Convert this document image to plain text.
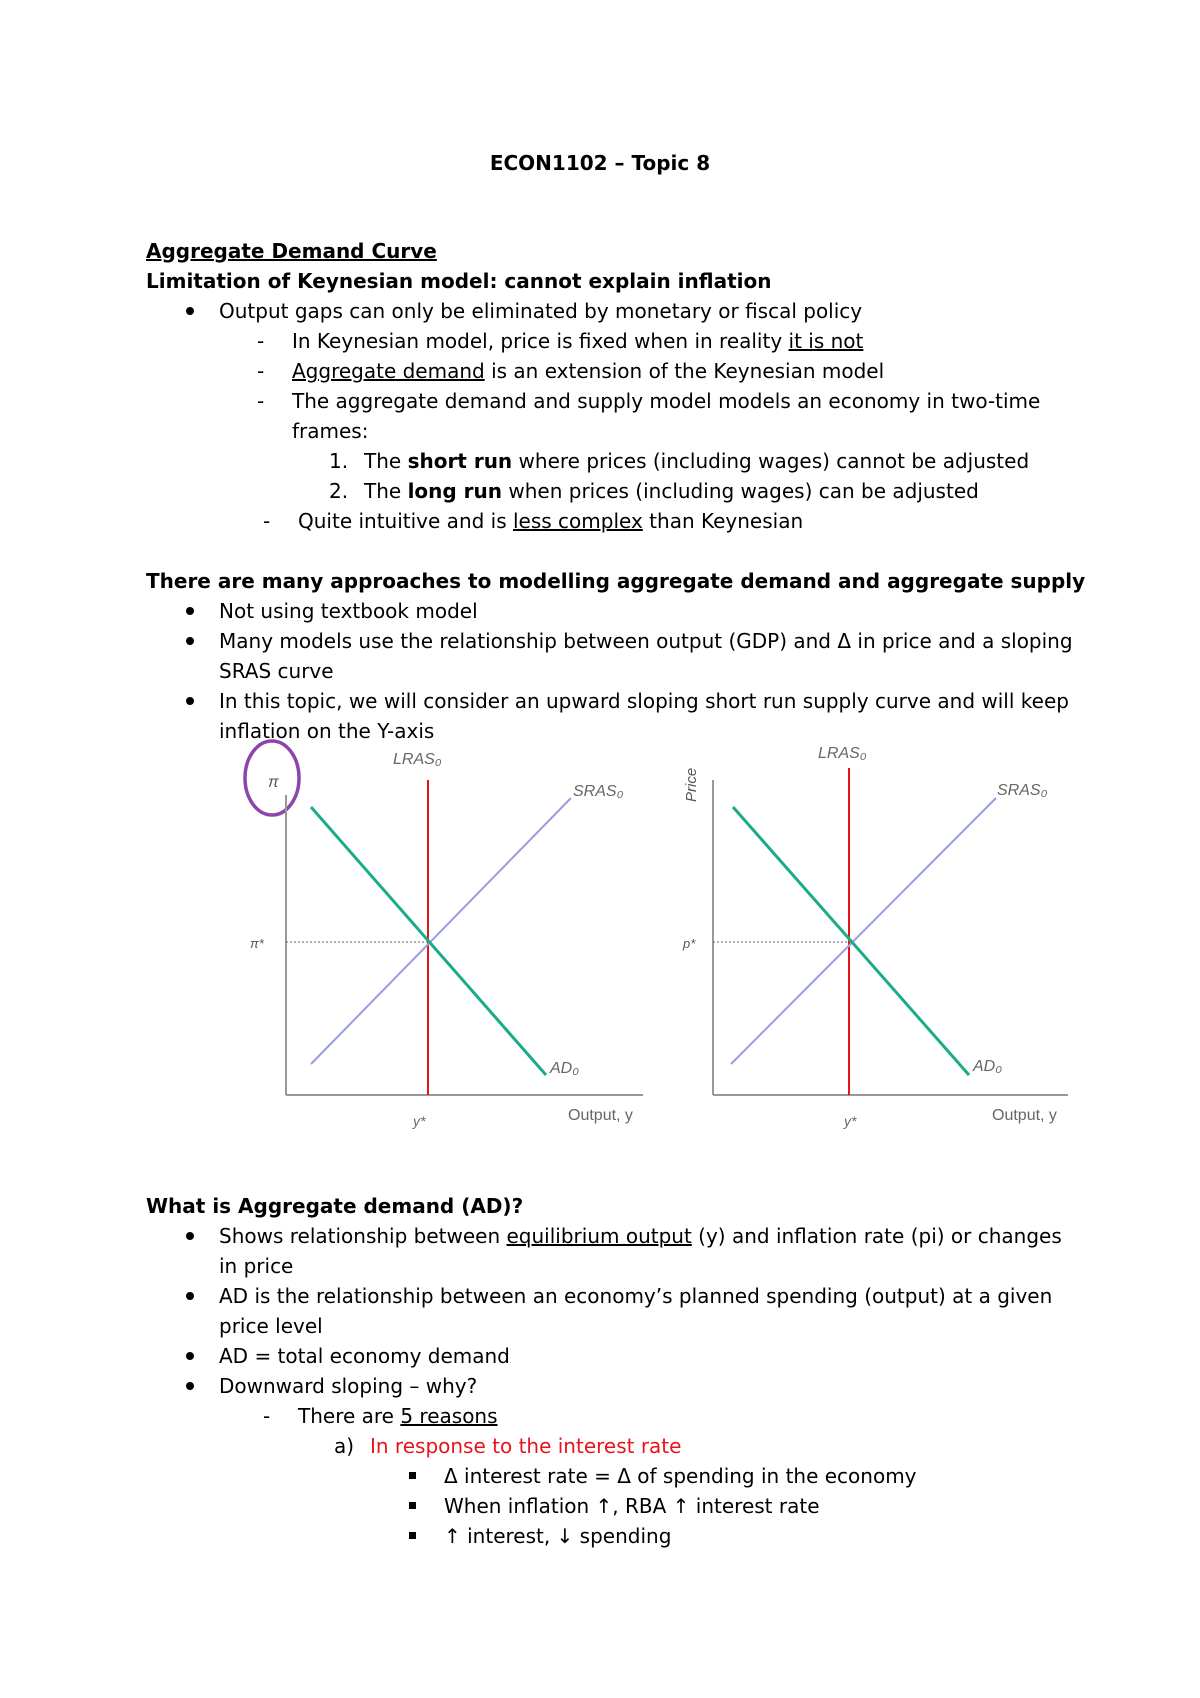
ECON1102 – Topic 8
Aggregate Demand Curve
Limitation of Keynesian model: cannot explain inflation
Output gaps can only be eliminated by monetary or fiscal policy
- In Keynesian model, price is fixed when in reality it is not
- Aggregate demand is an extension of the Keynesian model
- The aggregate demand and supply model models an economy in two-time
frames:
1. The short run where prices (including wages) cannot be adjusted
2. The long run when prices (including wages) can be adjusted
- Quite intuitive and is less complex than Keynesian
There are many approaches to modelling aggregate demand and aggregate supply
Not using textbook model
Many models use the relationship between output (GDP) and Δ in price and a sloping
SRAS curve
In this topic, we will consider an upward sloping short run supply curve and will keep
inflation on the Y-axis
π
π*
LRAS₀
SRAS₀
AD₀
y*	Output, y
Price
p*
LRAS₀
SRAS₀
AD₀
y*	Output, y
What is Aggregate demand (AD)?
Shows relationship between equilibrium output (y) and inflation rate (pi) or changes
in price
AD is the relationship between an economy’s planned spending (output) at a given
price level
AD = total economy demand
Downward sloping – why?
- There are 5 reasons
a) In response to the interest rate
Δ interest rate = Δ of spending in the economy
When inflation ↑, RBA ↑ interest rate
↑ interest, ↓ spending
